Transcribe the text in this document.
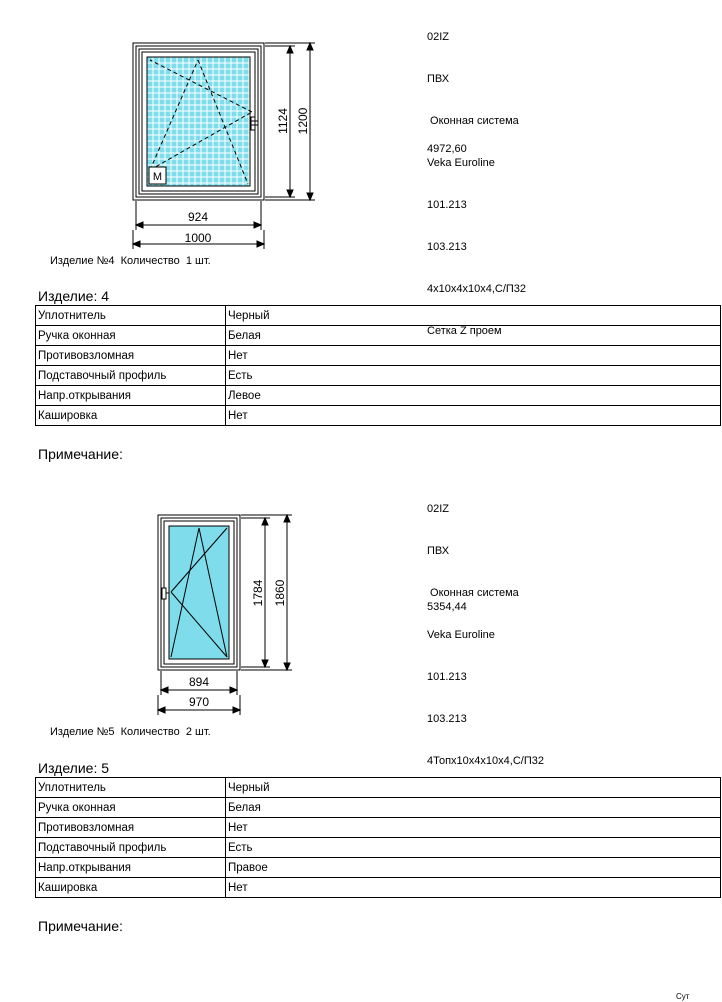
02IZ

ПВХ

Оконная система

Veka Euroline

101.213

103.213

4x10x4x10x4,С/П32

Сетка Z проем

4972,60
M
924
1000
1124 1200
Изделие №4  Количество  1 шт.
Изделие: 4
Уплотнитель	Черный
Ручка оконная	Белая
Противовзломная	Нет
Подставочный профиль	Есть
Напр.открывания	Левое
Кашировка	Нет
Примечание:

02IZ

ПВХ

Оконная система

Veka Euroline

101.213

103.213

4Топх10х4х10х4,С/П32

5354,44
894
970
1784 1860
Изделие №5  Количество  2 шт.
Изделие: 5
Уплотнитель	Черный
Ручка оконная	Белая
Противовзломная	Нет
Подставочный профиль	Есть
Напр.открывания	Правое
Кашировка	Нет
Примечание:
Сут
